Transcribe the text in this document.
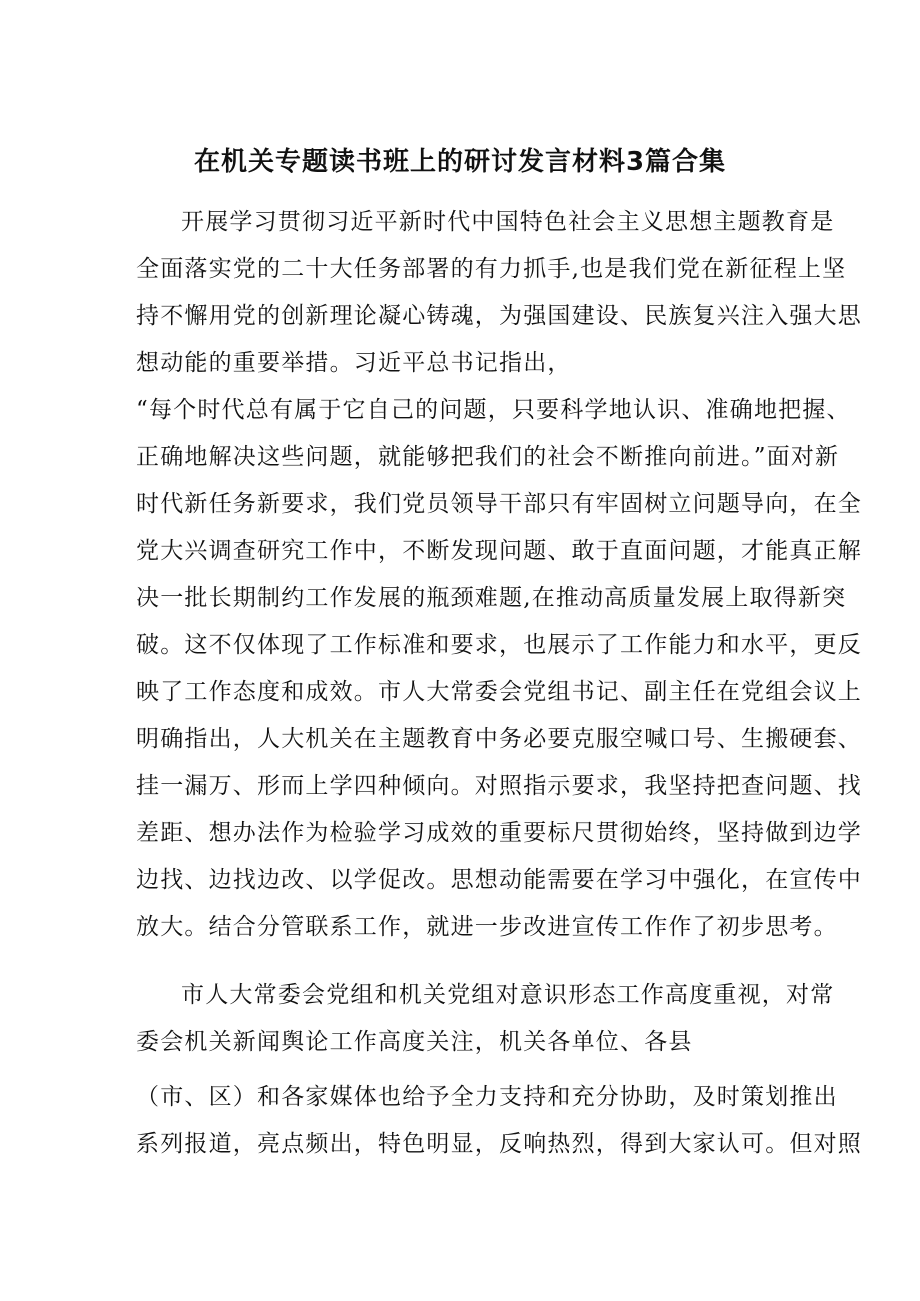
在机关专题读书班上的研讨发言材料3篇合集
开展学习贯彻习近平新时代中国特色社会主义思想主题教育是
全面落实党的二十大任务部署的有力抓手,也是我们党在新征程上坚
持不懈用党的创新理论凝心铸魂，为强国建设、民族复兴注入强大思
想动能的重要举措。习近平总书记指出，
“每个时代总有属于它自己的问题，只要科学地认识、准确地把握、
正确地解决这些问题，就能够把我们的社会不断推向前进。”面对新
时代新任务新要求，我们党员领导干部只有牢固树立问题导向，在全
党大兴调查研究工作中，不断发现问题、敢于直面问题，才能真正解
决一批长期制约工作发展的瓶颈难题,在推动高质量发展上取得新突
破。这不仅体现了工作标准和要求，也展示了工作能力和水平，更反
映了工作态度和成效。市人大常委会党组书记、副主任在党组会议上
明确指出，人大机关在主题教育中务必要克服空喊口号、生搬硬套、
挂一漏万、形而上学四种倾向。对照指示要求，我坚持把查问题、找
差距、想办法作为检验学习成效的重要标尺贯彻始终，坚持做到边学
边找、边找边改、以学促改。思想动能需要在学习中强化，在宣传中
放大。结合分管联系工作，就进一步改进宣传工作作了初步思考。
市人大常委会党组和机关党组对意识形态工作高度重视，对常
委会机关新闻舆论工作高度关注，机关各单位、各县
（市、区）和各家媒体也给予全力支持和充分协助，及时策划推出
系列报道，亮点频出，特色明显，反响热烈，得到大家认可。但对照
